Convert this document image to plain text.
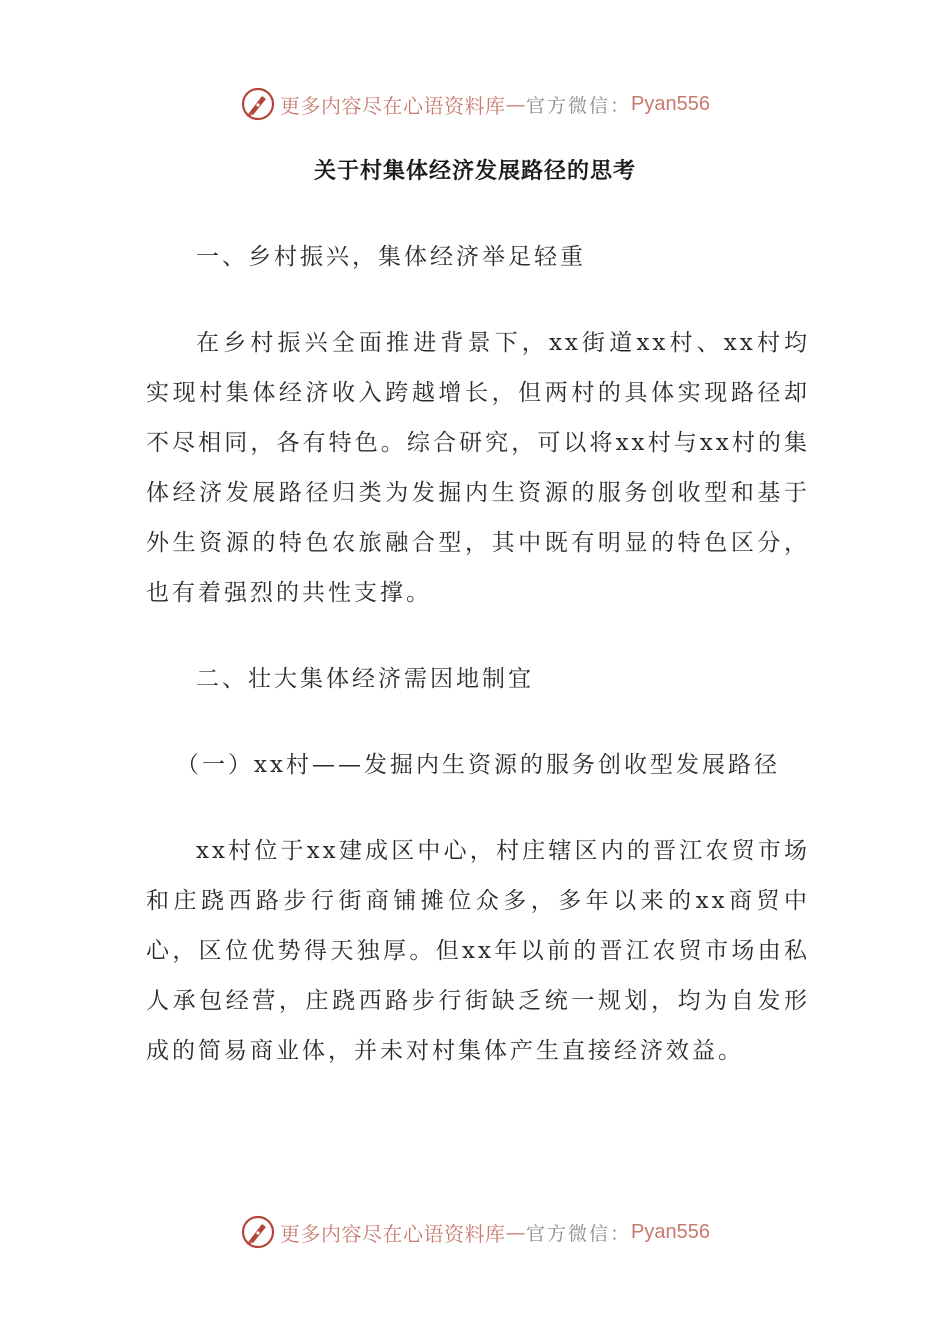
更多内容尽在心语资料库 — 官方微信： Pyan556
关于村集体经济发展路径的思考

一、乡村振兴，集体经济举足轻重

在乡村振兴全面推进背景下，xx街道xx村、xx村均实现村集体经济收入跨越增长，但两村的具体实现路径却不尽相同，各有特色。综合研究，可以将xx村与xx村的集体经济发展路径归类为发掘内生资源的服务创收型和基于外生资源的特色农旅融合型，其中既有明显的特色区分，也有着强烈的共性支撑。

二、壮大集体经济需因地制宜

（一）xx村——发掘内生资源的服务创收型发展路径

xx村位于xx建成区中心，村庄辖区内的晋江农贸市场和庄跷西路步行街商铺摊位众多，多年以来的xx商贸中心，区位优势得天独厚。但xx年以前的晋江农贸市场由私人承包经营，庄跷西路步行街缺乏统一规划，均为自发形成的简易商业体，并未对村集体产生直接经济效益。

更多内容尽在心语资料库 — 官方微信： Pyan556
